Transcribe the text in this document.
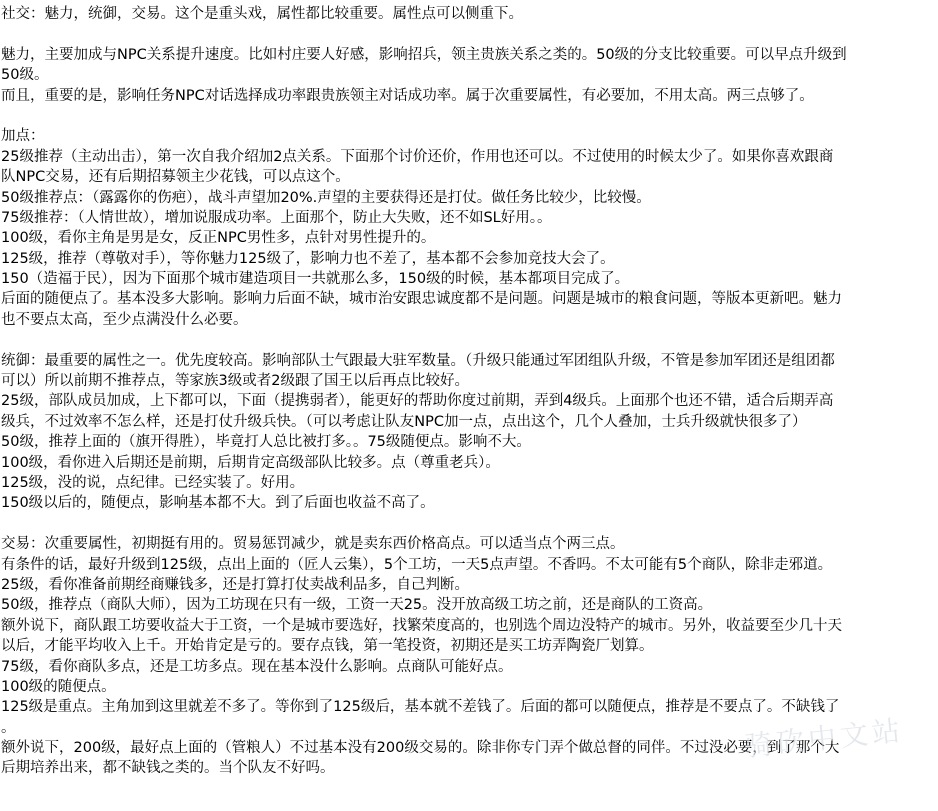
社交：魅力，统御，交易。这个是重头戏，属性都比较重要。属性点可以侧重下。
魅力，主要加成与NPC关系提升速度。比如村庄要人好感，影响招兵，领主贵族关系之类的。50级的分支比较重要。可以早点升级到
50级。
而且，重要的是，影响任务NPC对话选择成功率跟贵族领主对话成功率。属于次重要属性，有必要加，不用太高。两三点够了。
加点：
25级推荐（主动出击），第一次自我介绍加2点关系。下面那个讨价还价，作用也还可以。不过使用的时候太少了。如果你喜欢跟商
队NPC交易，还有后期招募领主少花钱，可以点这个。
50级推荐点：（露露你的伤疤），战斗声望加20%.声望的主要获得还是打仗。做任务比较少，比较慢。
75级推荐：（人情世故），增加说服成功率。上面那个，防止大失败，还不如SL好用。。
100级，看你主角是男是女，反正NPC男性多，点针对男性提升的。
125级，推荐（尊敬对手），等你魅力125级了，影响力也不差了，基本都不会参加竞技大会了。
150（造福于民），因为下面那个城市建造项目一共就那么多，150级的时候，基本都项目完成了。
后面的随便点了。基本没多大影响。影响力后面不缺，城市治安跟忠诚度都不是问题。问题是城市的粮食问题，等版本更新吧。魅力
也不要点太高，至少点满没什么必要。
统御：最重要的属性之一。优先度较高。影响部队士气跟最大驻军数量。（升级只能通过军团组队升级，不管是参加军团还是组团都
可以）所以前期不推荐点，等家族3级或者2级跟了国王以后再点比较好。
25级，部队成员加成，上下都可以，下面（提携弱者），能更好的帮助你度过前期，弄到4级兵。上面那个也还不错，适合后期弄高
级兵，不过效率不怎么样，还是打仗升级兵快。（可以考虑让队友NPC加一点，点出这个，几个人叠加，士兵升级就快很多了）
50级，推荐上面的（旗开得胜），毕竟打人总比被打多。。75级随便点。影响不大。
100级，看你进入后期还是前期，后期肯定高级部队比较多。点（尊重老兵）。
125级，没的说，点纪律。已经实装了。好用。
150级以后的，随便点，影响基本都不大。到了后面也收益不高了。
交易：次重要属性，初期挺有用的。贸易惩罚减少，就是卖东西价格高点。可以适当点个两三点。
有条件的话，最好升级到125级，点出上面的（匠人云集），5个工坊，一天5点声望。不香吗。不太可能有5个商队，除非走邪道。
25级，看你准备前期经商赚钱多，还是打算打仗卖战利品多，自己判断。
50级，推荐点（商队大师），因为工坊现在只有一级，工资一天25。没开放高级工坊之前，还是商队的工资高。
额外说下，商队跟工坊要收益大于工资，一个是城市要选好，找繁荣度高的，也别选个周边没特产的城市。另外，收益要至少几十天
以后，才能平均收入上千。开始肯定是亏的。要存点钱，第一笔投资，初期还是买工坊弄陶瓷厂划算。
75级，看你商队多点，还是工坊多点。现在基本没什么影响。点商队可能好点。
100级的随便点。
125级是重点。主角加到这里就差不多了。等你到了125级后，基本就不差钱了。后面的都可以随便点，推荐是不要点了。不缺钱了
。
额外说下，200级，最好点上面的（管粮人）不过基本没有200级交易的。除非你专门弄个做总督的同伴。不过没必要，到了那个大
后期培养出来，都不缺钱之类的。当个队友不好吗。
骑砍中文站
